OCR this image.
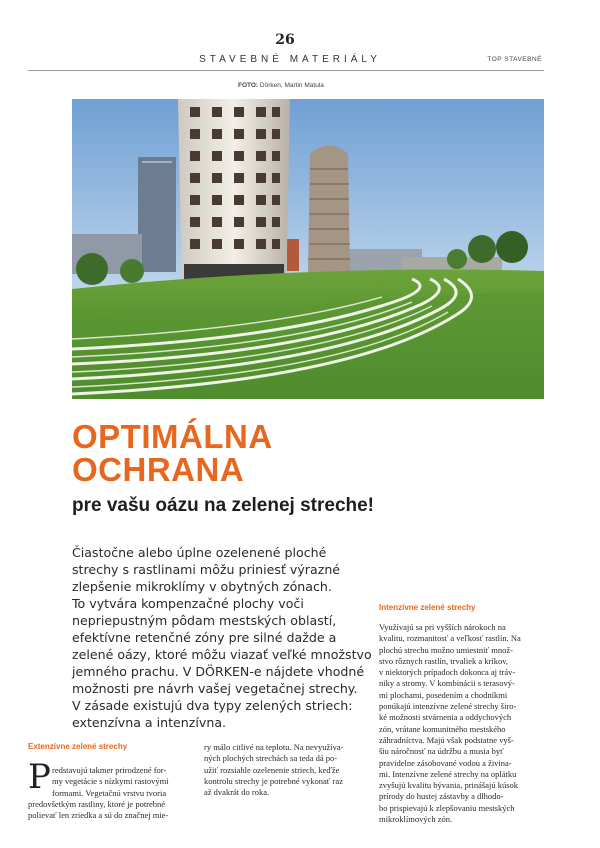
26
STAVEBNÉ MATERIÁLY	TOP STAVEBNÉ
FOTO: Dörken, Martin Matula
OPTIMÁLNA
OCHRANA
pre vašu oázu na zelenej streche!
Čiastočne alebo úplne ozelenené ploché
strechy s rastlinami môžu priniesť výrazné
zlepšenie mikroklímy v obytných zónach.
To vytvára kompenzačné plochy voči
nepriepustným pôdam mestských oblastí,
efektívne retenčné zóny pre silné dažde a
zelené oázy, ktoré môžu viazať veľké množstvo
jemného prachu. V DÖRKEN-e nájdete vhodné
možnosti pre návrh vašej vegetačnej strechy.
V zásade existujú dva typy zelených striech:
extenzívna a intenzívna.
Extenzívne zelené strechy
P redstavujú takmer prirodzené for-
my vegetácie s nízkymi rastovými
formami. Vegetačnú vrstvu tvoria
predovšetkým rastliny, ktoré je potrebné
polievať len zriedka a sú do značnej mie-
ry málo citlivé na teplotu. Na nevyužíva-
ných plochých strechách sa teda dá po-
užiť rozsiahle ozelenenie striech, keďže
kontrolu strechy je potrebné vykonať raz
až dvakrát do roka.
Intenzívne zelené strechy
Využívajú sa pri vyšších nárokoch na
kvalitu, rozmanitosť a veľkosť rastlín. Na
plochú strechu možno umiestniť množ-
stvo rôznych rastlín, trvaliek a kríkov,
v niektorých prípadoch dokonca aj tráv-
niky a stromy. V kombinácii s terasový-
mi plochami, posedením a chodníkmi
ponúkajú intenzívne zelené strechy širo-
ké možnosti stvárnenia a oddychových
zón, vrátane komunitného mestského
záhradníctva. Majú však podstatne vyš-
šiu náročnosť na údržbu a musia byť
pravidelne zásobované vodou a živina-
mi. Intenzívne zelené strechy na oplátku
zvyšujú kvalitu bývania, prinášajú kúsok
prírody do hustej zástavby a dlhodo-
bo prispievajú k zlepšovaniu mestských
mikroklímových zón.
